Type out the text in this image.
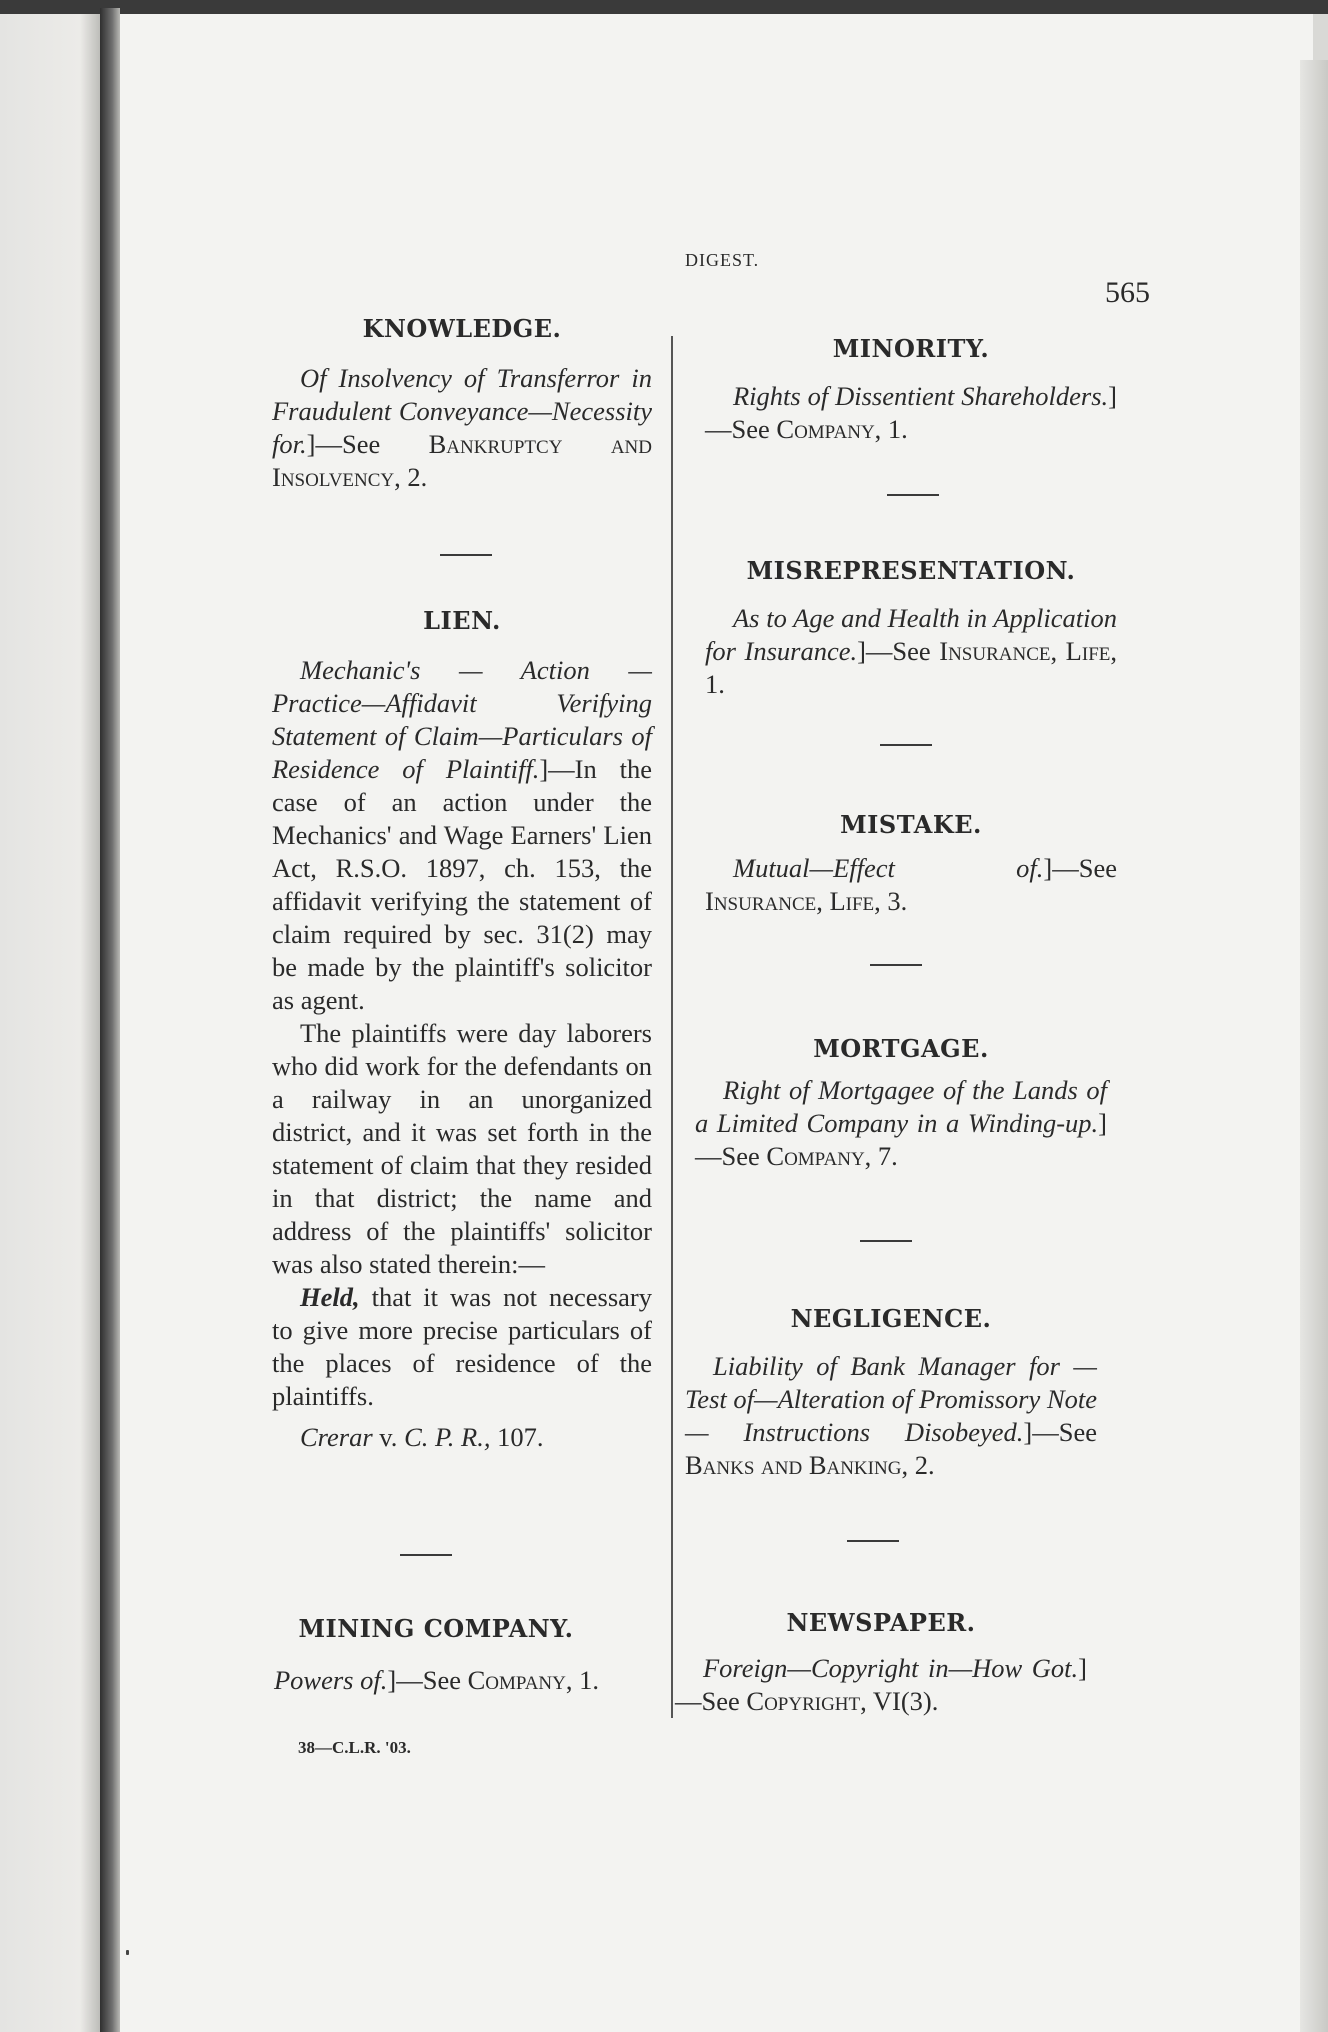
DIGEST.
565
KNOWLEDGE.

Of Insolvency of Transferror in Fraudulent Conveyance—Necessity for.]—See Bankruptcy and Insolvency, 2.

LIEN.

Mechanic's — Action — Practice—Affidavit Verifying Statement of Claim—Particulars of Residence of Plaintiff.]—In the case of an action under the Mechanics' and Wage Earners' Lien Act, R.S.O. 1897, ch. 153, the affidavit verifying the statement of claim required by sec. 31(2) may be made by the plaintiff's solicitor as agent.

The plaintiffs were day laborers who did work for the defendants on a railway in an unorganized district, and it was set forth in the statement of claim that they resided in that district; the name and address of the plaintiffs' solicitor was also stated therein:—

Held, that it was not necessary to give more precise particulars of the places of residence of the plaintiffs.

Crerar v. C. P. R., 107.

MINING COMPANY.

Powers of.]—See Company, 1.

38—C.L.R. '03.
MINORITY.

Rights of Dissentient Shareholders.]—See Company, 1.

MISREPRESENTATION.

As to Age and Health in Application for Insurance.]—See Insurance, Life, 1.

MISTAKE.

Mutual—Effect of.]—See Insurance, Life, 3.

MORTGAGE.

Right of Mortgagee of the Lands of a Limited Company in a Winding-up.]—See Company, 7.

NEGLIGENCE.

Liability of Bank Manager for —Test of—Alteration of Promissory Note — Instructions Disobeyed.]—See Banks and Banking, 2.

NEWSPAPER.

Foreign—Copyright in—How Got.]—See Copyright, VI(3).
